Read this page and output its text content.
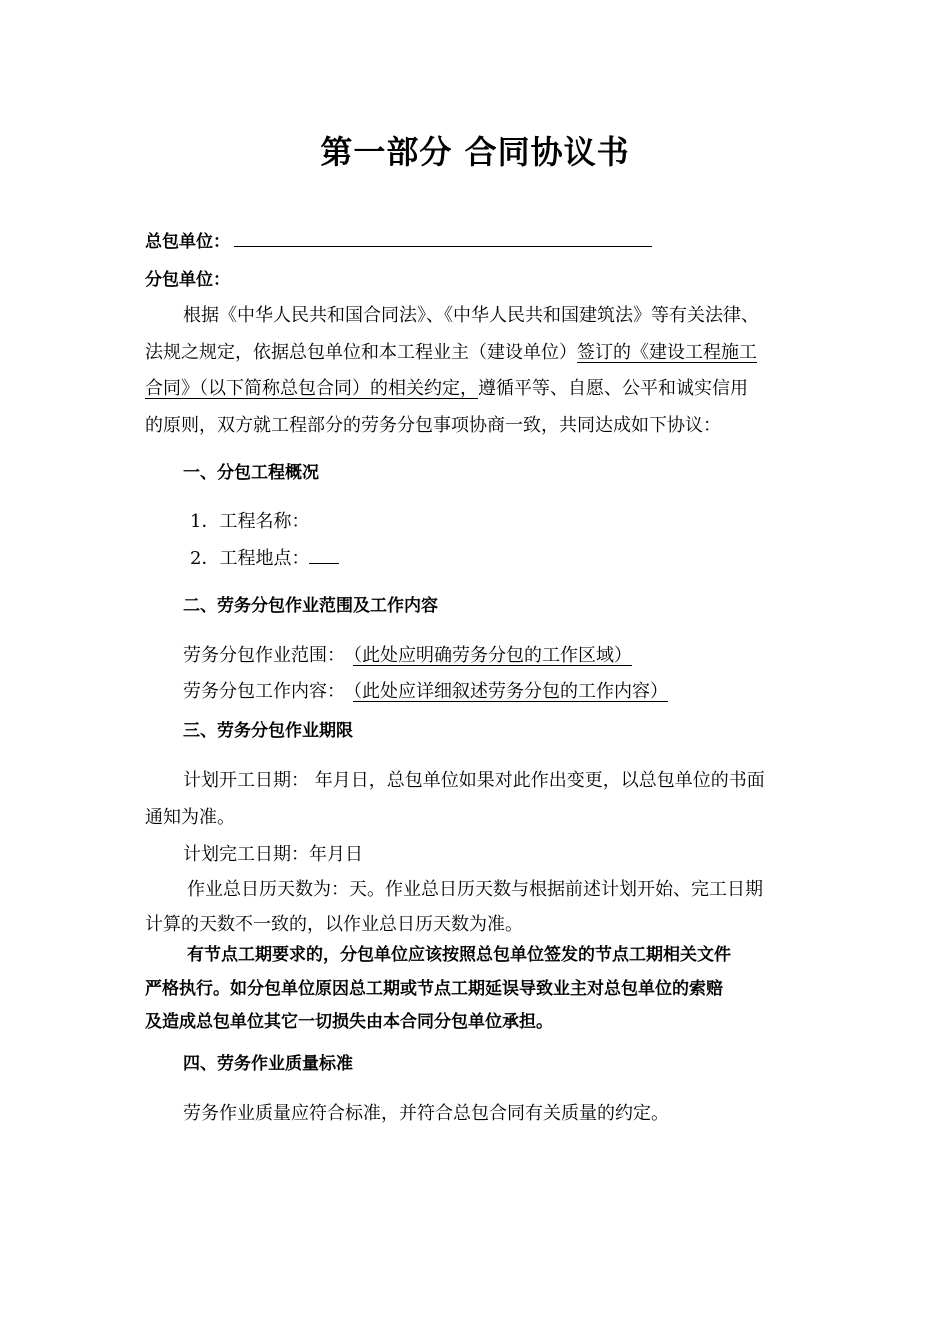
第一部分 合同协议书
总包单位：
分包单位：
根据《中华人民共和国合同法》、《中华人民共和国建筑法》等有关法律、
法规之规定，依据总包单位和本工程业主（建设单位）签订的《建设工程施工
合同》（以下简称总包合同）的相关约定，遵循平等、自愿、公平和诚实信用
的原则，双方就工程部分的劳务分包事项协商一致，共同达成如下协议：
一、分包工程概况
1．工程名称：
2．工程地点：
二、劳务分包作业范围及工作内容
劳务分包作业范围： （此处应明确劳务分包的工作区域）
劳务分包工作内容： （此处应详细叙述劳务分包的工作内容）
三、劳务分包作业期限
计划开工日期： 年月日，总包单位如果对此作出变更，以总包单位的书面
通知为准。
计划完工日期：年月日
作业总日历天数为：天。作业总日历天数与根据前述计划开始、完工日期
计算的天数不一致的，以作业总日历天数为准。
有节点工期要求的，分包单位应该按照总包单位签发的节点工期相关文件
严格执行。如分包单位原因总工期或节点工期延误导致业主对总包单位的索赔
及造成总包单位其它一切损失由本合同分包单位承担。
四、劳务作业质量标准
劳务作业质量应符合标准，并符合总包合同有关质量的约定。
